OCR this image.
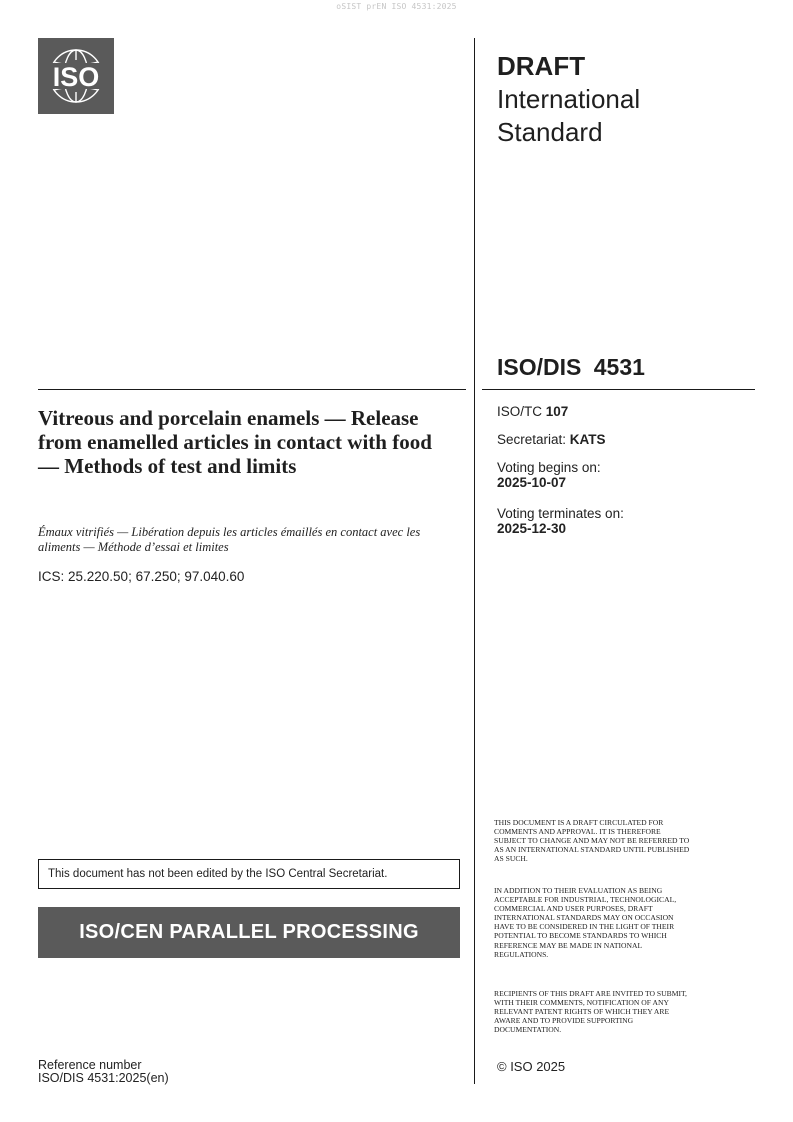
oSIST prEN ISO 4531:2025
ISO	DRAFT
International
Standard
ISO/DIS 4531
Vitreous and porcelain enamels — Release from enamelled articles in contact with food — Methods of test and limits
Émaux vitrifiés — Libération depuis les articles émaillés en contact avec les aliments — Méthode d’essai et limites
ICS: 25.220.50; 67.250; 97.040.60
ISO/TC 107
Secretariat: KATS
Voting begins on:
2025-10-07
Voting terminates on:
2025-12-30
THIS DOCUMENT IS A DRAFT CIRCULATED FOR COMMENTS AND APPROVAL. IT IS THEREFORE SUBJECT TO CHANGE AND MAY NOT BE REFERRED TO AS AN INTERNATIONAL STANDARD UNTIL PUBLISHED AS SUCH.
IN ADDITION TO THEIR EVALUATION AS BEING ACCEPTABLE FOR INDUSTRIAL, TECHNOLOGICAL, COMMERCIAL AND USER PURPOSES, DRAFT INTERNATIONAL STANDARDS MAY ON OCCASION HAVE TO BE CONSIDERED IN THE LIGHT OF THEIR POTENTIAL TO BECOME STANDARDS TO WHICH REFERENCE MAY BE MADE IN NATIONAL REGULATIONS.
RECIPIENTS OF THIS DRAFT ARE INVITED TO SUBMIT, WITH THEIR COMMENTS, NOTIFICATION OF ANY RELEVANT PATENT RIGHTS OF WHICH THEY ARE AWARE AND TO PROVIDE SUPPORTING DOCUMENTATION.
This document has not been edited by the ISO Central Secretariat.
ISO/CEN PARALLEL PROCESSING
Reference number
ISO/DIS 4531:2025(en)
© ISO 2025
